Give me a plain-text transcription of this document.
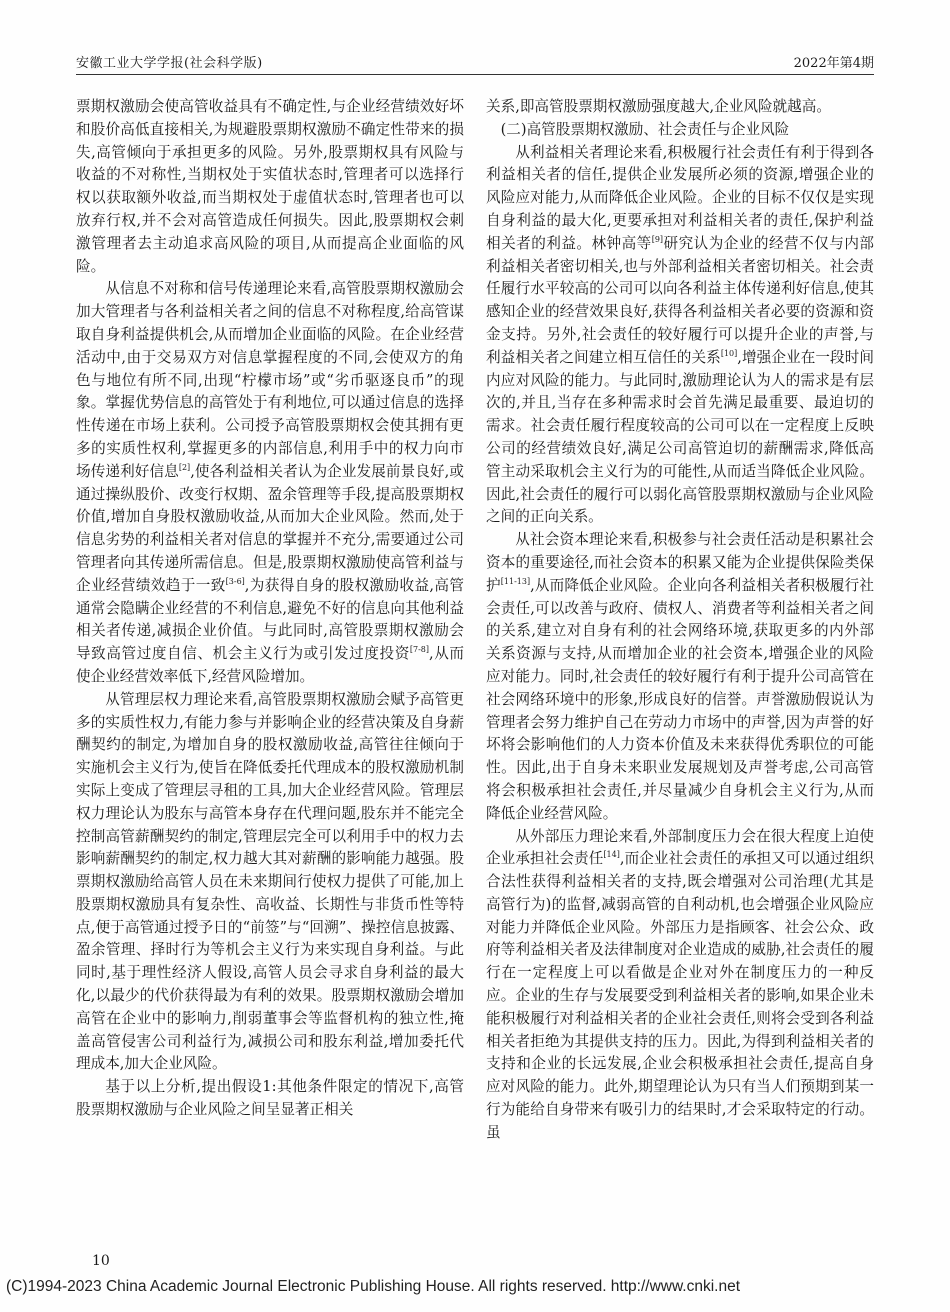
安徽工业大学学报(社会科学版)	2022年第4期

票期权激励会使高管收益具有不确定性,与企业经营绩效好坏和股价高低直接相关,为规避股票期权激励不确定性带来的损失,高管倾向于承担更多的风险。另外,股票期权具有风险与收益的不对称性,当期权处于实值状态时,管理者可以选择行权以获取额外收益,而当期权处于虚值状态时,管理者也可以放弃行权,并不会对高管造成任何损失。因此,股票期权会刺激管理者去主动追求高风险的项目,从而提高企业面临的风险。

从信息不对称和信号传递理论来看,高管股票期权激励会加大管理者与各利益相关者之间的信息不对称程度,给高管谋取自身利益提供机会,从而增加企业面临的风险。在企业经营活动中,由于交易双方对信息掌握程度的不同,会使双方的角色与地位有所不同,出现“柠檬市场”或“劣币驱逐良币”的现象。掌握优势信息的高管处于有利地位,可以通过信息的选择性传递在市场上获利。公司授予高管股票期权会使其拥有更多的实质性权利,掌握更多的内部信息,利用手中的权力向市场传递利好信息[2],使各利益相关者认为企业发展前景良好,或通过操纵股价、改变行权期、盈余管理等手段,提高股票期权价值,增加自身股权激励收益,从而加大企业风险。然而,处于信息劣势的利益相关者对信息的掌握并不充分,需要通过公司管理者向其传递所需信息。但是,股票期权激励使高管利益与企业经营绩效趋于一致[3-6],为获得自身的股权激励收益,高管通常会隐瞒企业经营的不利信息,避免不好的信息向其他利益相关者传递,减损企业价值。与此同时,高管股票期权激励会导致高管过度自信、机会主义行为或引发过度投资[7-8],从而使企业经营效率低下,经营风险增加。

从管理层权力理论来看,高管股票期权激励会赋予高管更多的实质性权力,有能力参与并影响企业的经营决策及自身薪酬契约的制定,为增加自身的股权激励收益,高管往往倾向于实施机会主义行为,使旨在降低委托代理成本的股权激励机制实际上变成了管理层寻租的工具,加大企业经营风险。管理层权力理论认为股东与高管本身存在代理问题,股东并不能完全控制高管薪酬契约的制定,管理层完全可以利用手中的权力去影响薪酬契约的制定,权力越大其对薪酬的影响能力越强。股票期权激励给高管人员在未来期间行使权力提供了可能,加上股票期权激励具有复杂性、高收益、长期性与非货币性等特点,便于高管通过授予日的“前签”与“回溯”、操控信息披露、盈余管理、择时行为等机会主义行为来实现自身利益。与此同时,基于理性经济人假设,高管人员会寻求自身利益的最大化,以最少的代价获得最为有利的效果。股票期权激励会增加高管在企业中的影响力,削弱董事会等监督机构的独立性,掩盖高管侵害公司利益行为,减损公司和股东利益,增加委托代理成本,加大企业风险。

基于以上分析,提出假设1:其他条件限定的情况下,高管股票期权激励与企业风险之间呈显著正相关

关系,即高管股票期权激励强度越大,企业风险就越高。

(二)高管股票期权激励、社会责任与企业风险

从利益相关者理论来看,积极履行社会责任有利于得到各利益相关者的信任,提供企业发展所必须的资源,增强企业的风险应对能力,从而降低企业风险。企业的目标不仅仅是实现自身利益的最大化,更要承担对利益相关者的责任,保护利益相关者的利益。林钟高等[9]研究认为企业的经营不仅与内部利益相关者密切相关,也与外部利益相关者密切相关。社会责任履行水平较高的公司可以向各利益主体传递利好信息,使其感知企业的经营效果良好,获得各利益相关者必要的资源和资金支持。另外,社会责任的较好履行可以提升企业的声誉,与利益相关者之间建立相互信任的关系[10],增强企业在一段时间内应对风险的能力。与此同时,激励理论认为人的需求是有层次的,并且,当存在多种需求时会首先满足最重要、最迫切的需求。社会责任履行程度较高的公司可以在一定程度上反映公司的经营绩效良好,满足公司高管迫切的薪酬需求,降低高管主动采取机会主义行为的可能性,从而适当降低企业风险。因此,社会责任的履行可以弱化高管股票期权激励与企业风险之间的正向关系。

从社会资本理论来看,积极参与社会责任活动是积累社会资本的重要途径,而社会资本的积累又能为企业提供保险类保护[11-13],从而降低企业风险。企业向各利益相关者积极履行社会责任,可以改善与政府、债权人、消费者等利益相关者之间的关系,建立对自身有利的社会网络环境,获取更多的内外部关系资源与支持,从而增加企业的社会资本,增强企业的风险应对能力。同时,社会责任的较好履行有利于提升公司高管在社会网络环境中的形象,形成良好的信誉。声誉激励假说认为管理者会努力维护自己在劳动力市场中的声誉,因为声誉的好坏将会影响他们的人力资本价值及未来获得优秀职位的可能性。因此,出于自身未来职业发展规划及声誉考虑,公司高管将会积极承担社会责任,并尽量减少自身机会主义行为,从而降低企业经营风险。

从外部压力理论来看,外部制度压力会在很大程度上迫使企业承担社会责任[14],而企业社会责任的承担又可以通过组织合法性获得利益相关者的支持,既会增强对公司治理(尤其是高管行为)的监督,减弱高管的自利动机,也会增强企业风险应对能力并降低企业风险。外部压力是指顾客、社会公众、政府等利益相关者及法律制度对企业造成的威胁,社会责任的履行在一定程度上可以看做是企业对外在制度压力的一种反应。企业的生存与发展要受到利益相关者的影响,如果企业未能积极履行对利益相关者的企业社会责任,则将会受到各利益相关者拒绝为其提供支持的压力。因此,为得到利益相关者的支持和企业的长远发展,企业会积极承担社会责任,提高自身应对风险的能力。此外,期望理论认为只有当人们预期到某一行为能给自身带来有吸引力的结果时,才会采取特定的行动。虽

10
(C)1994-2023 China Academic Journal Electronic Publishing House. All rights reserved. http://www.cnki.net
